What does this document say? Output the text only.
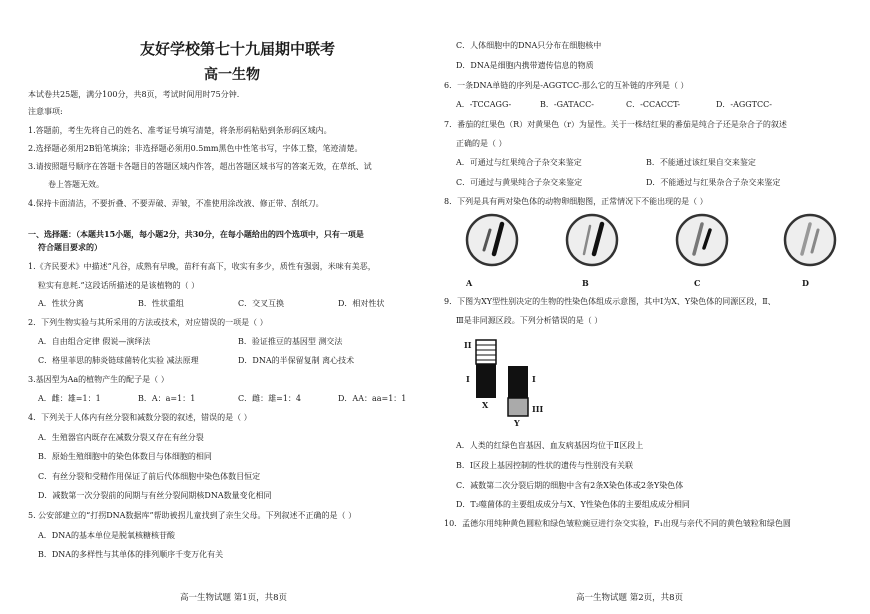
友好学校第七十九届期中联考
高一生物
本试卷共25题，满分100分，共8页，考试时间用时75分钟.
注意事项:
1.答题前，考生先将自己的姓名、准考证号填写清楚，将条形码粘贴到条形码区域内。
2.选择题必须用2B铅笔填涂；非选择题必须用0.5mm黑色中性笔书写，字体工整，笔迹清楚。
3.请按照题号顺序在答题卡各题目的答题区域内作答，超出答题区域书写的答案无效，在草纸、试
卷上答题无效。
4.保持卡面清洁，不要折叠、不要弄破、弄皱，不准使用涂改液、修正带、刮纸刀。
一、选择题：（本题共15小题，每小题2分，共30分，在每小题给出的四个选项中，只有一项是
符合题目要求的）
1.《齐民要术》中描述“凡谷，成熟有早晚，苗秆有高下，收实有多少，质性有强弱，米味有美恶，
粒实有息耗.”这段话所描述的是该植物的（ ）
A．性状分离	B．性状重组	C．交叉互换	D．相对性状
2．下列生物实验与其所采用的方法或技术，对应错误的一项是（ ）
A．自由组合定律 假说—演绎法	B．验证推豆的基因型 测交法
C．格里菲思的肺炎链球菌转化实验 减法原理	D．DNA的半保留复制 离心技术
3.基因型为Aa的植物产生的配子是（ ）
A．雌：雄=1：1	B．A：a=1：1	C．雌：雄=1：4	D．AA：aa=1：1
4．下列关于人体内有丝分裂和减数分裂的叙述，错误的是（ ）
A．生殖器官内既存在减数分裂又存在有丝分裂
B．原始生殖细胞中的染色体数目与体细胞的相同
C．有丝分裂和受精作用保证了前后代体细胞中染色体数目恒定
D．减数第一次分裂前的间期与有丝分裂间期核DNA数量变化相同
5. 公安部建立的“打拐DNA数据库”帮助被拐儿童找到了亲生父母。下列叙述不正确的是（ ）
A．DNA的基本单位是脱氧核糖核苷酸
B．DNA的多样性与其单体的排列顺序千变万化有关
高一生物试题 第1页，共8页
C．人体细胞中的DNA只分布在细胞核中
D．DNA是细胞内携带遗传信息的物质
6．一条DNA单链的序列是-AGGTCC-那么它的互补链的序列是（ ）
A．-TCCAGG-	B．-GATACC-	C．-CCACCT-	D．-AGGTCC-
7．番茄的红果色（R）对黄果色（r）为显性。关于一株结红果的番茄是纯合子还是杂合子的叙述
正确的是（ ）
A．可通过与红果纯合子杂交来鉴定	B．不能通过该红果自交来鉴定
C．可通过与黄果纯合子杂交来鉴定	D．不能通过与红果杂合子杂交来鉴定
8．下列是具有两对染色体的动物卵细胞图，正常情况下不能出现的是（ ）
A	B	C	D
9．下图为XY型性别决定的生物的性染色体组成示意图，其中Ⅰ为X、Y染色体的同源区段，Ⅱ、
Ⅲ是非同源区段。下列分析错误的是（ ）
II
I
X
I
III
Y
A．人类的红绿色盲基因、血友病基因均位于Ⅱ区段上
B．Ⅰ区段上基因控制的性状的遗传与性别没有关联
C．减数第二次分裂后期的细胞中含有2条X染色体或2条Y染色体
D．T₂噬菌体的主要组成成分与X、Y性染色体的主要组成成分相同
10．孟德尔用纯种黄色圆粒和绿色皱粒豌豆进行杂交实验，F₁出现与亲代不同的黄色皱粒和绿色圆
高一生物试题 第2页，共8页
